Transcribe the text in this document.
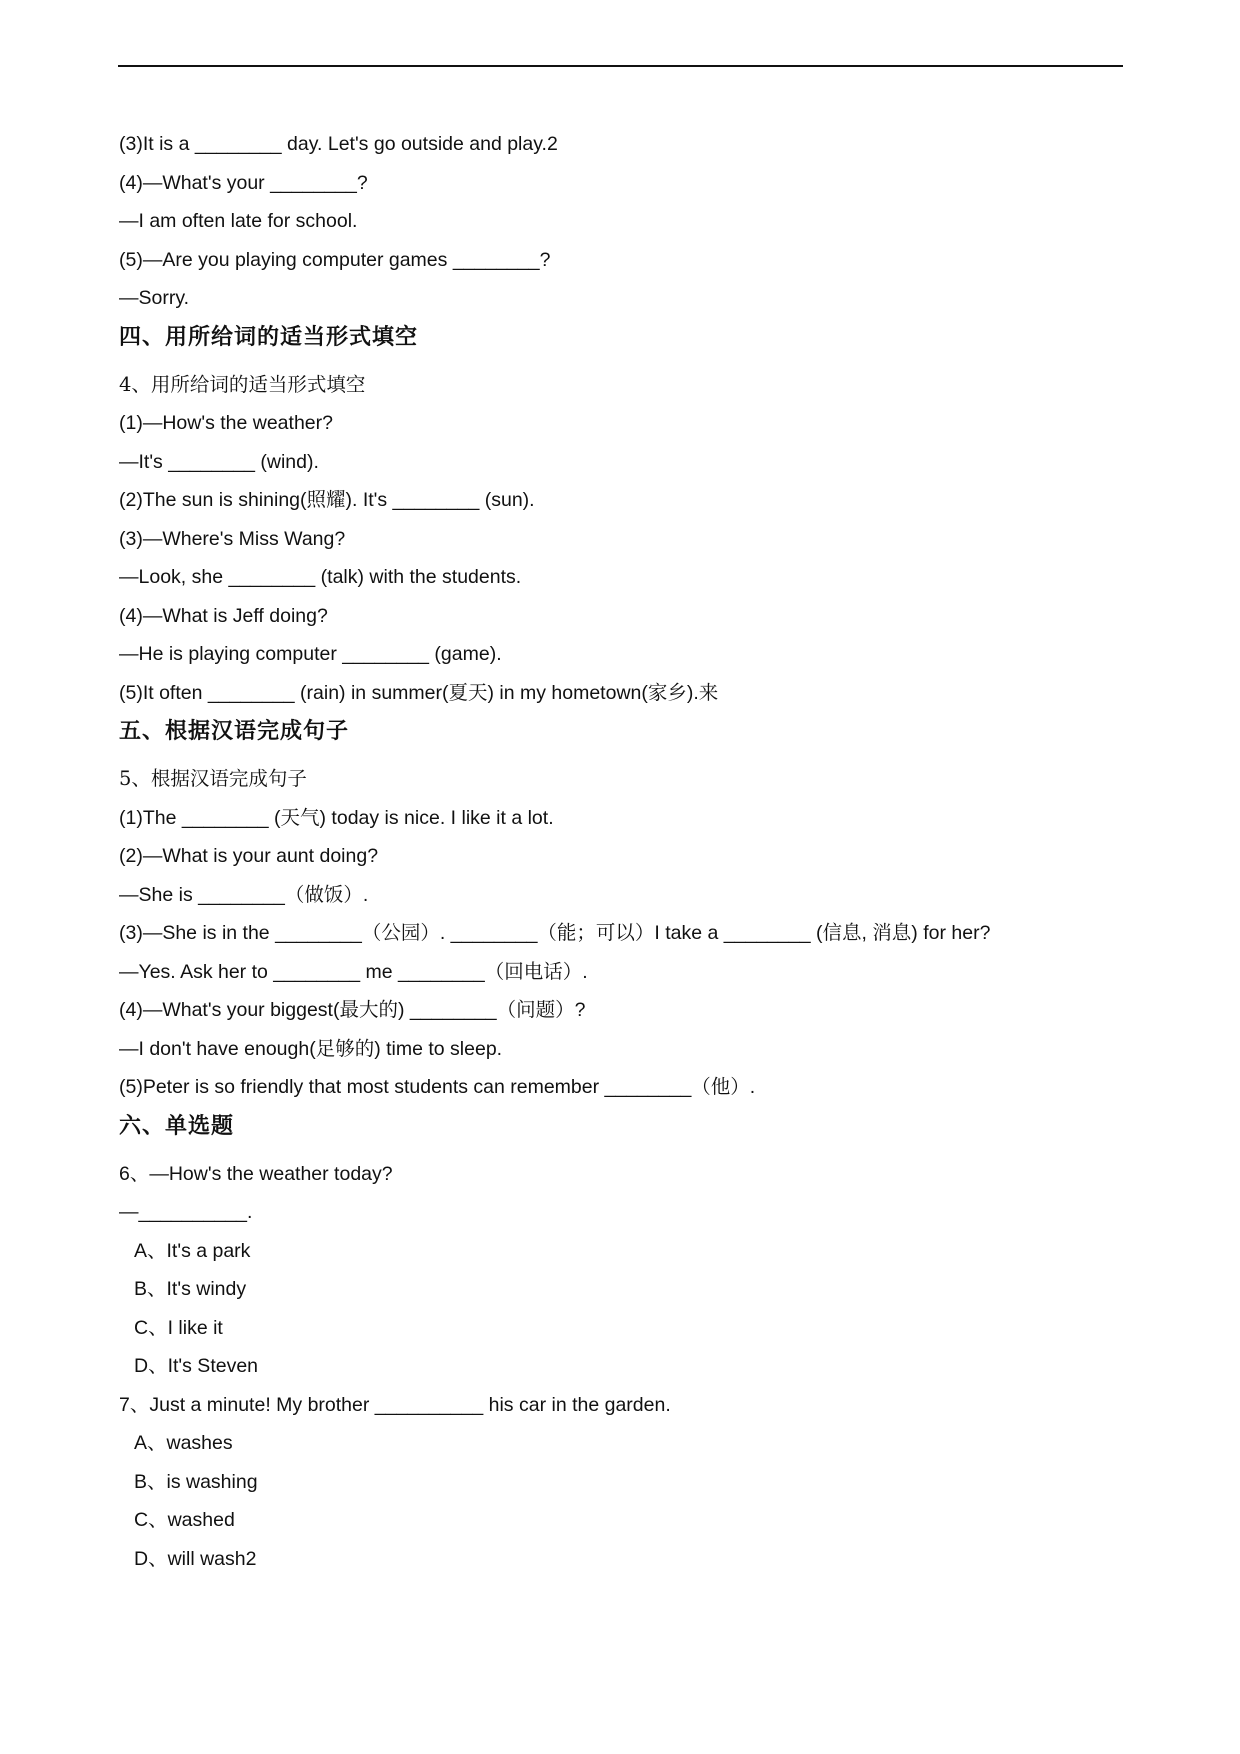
(3)It is a ________ day. Let's go outside and play.2
(4)—What's your ________?
—I am often late for school.
(5)—Are you playing computer games ________?
—Sorry.
四、用所给词的适当形式填空
4、用所给词的适当形式填空
(1)—How's the weather?
—It's ________ (wind).
(2)The sun is shining(照耀). It's ________ (sun).
(3)—Where's Miss Wang?
—Look, she ________ (talk) with the students.
(4)—What is Jeff doing?
—He is playing computer ________ (game).
(5)It often ________ (rain) in summer(夏天) in my hometown(家乡).来
五、根据汉语完成句子
5、根据汉语完成句子
(1)The ________ (天气) today is nice. I like it a lot.
(2)—What is your aunt doing?
—She is ________（做饭）.
(3)—She is in the ________（公园）. ________（能；可以）I take a ________ (信息, 消息) for her?
—Yes. Ask her to ________ me ________（回电话）.
(4)—What's your biggest(最大的) ________（问题）?
—I don't have enough(足够的) time to sleep.
(5)Peter is so friendly that most students can remember ________（他）.
六、单选题
6、—How's the weather today?
—__________.
A、It's a park
B、It's windy
C、I like it
D、It's Steven
7、Just a minute! My brother __________ his car in the garden.
A、washes
B、is washing
C、washed
D、will wash2
